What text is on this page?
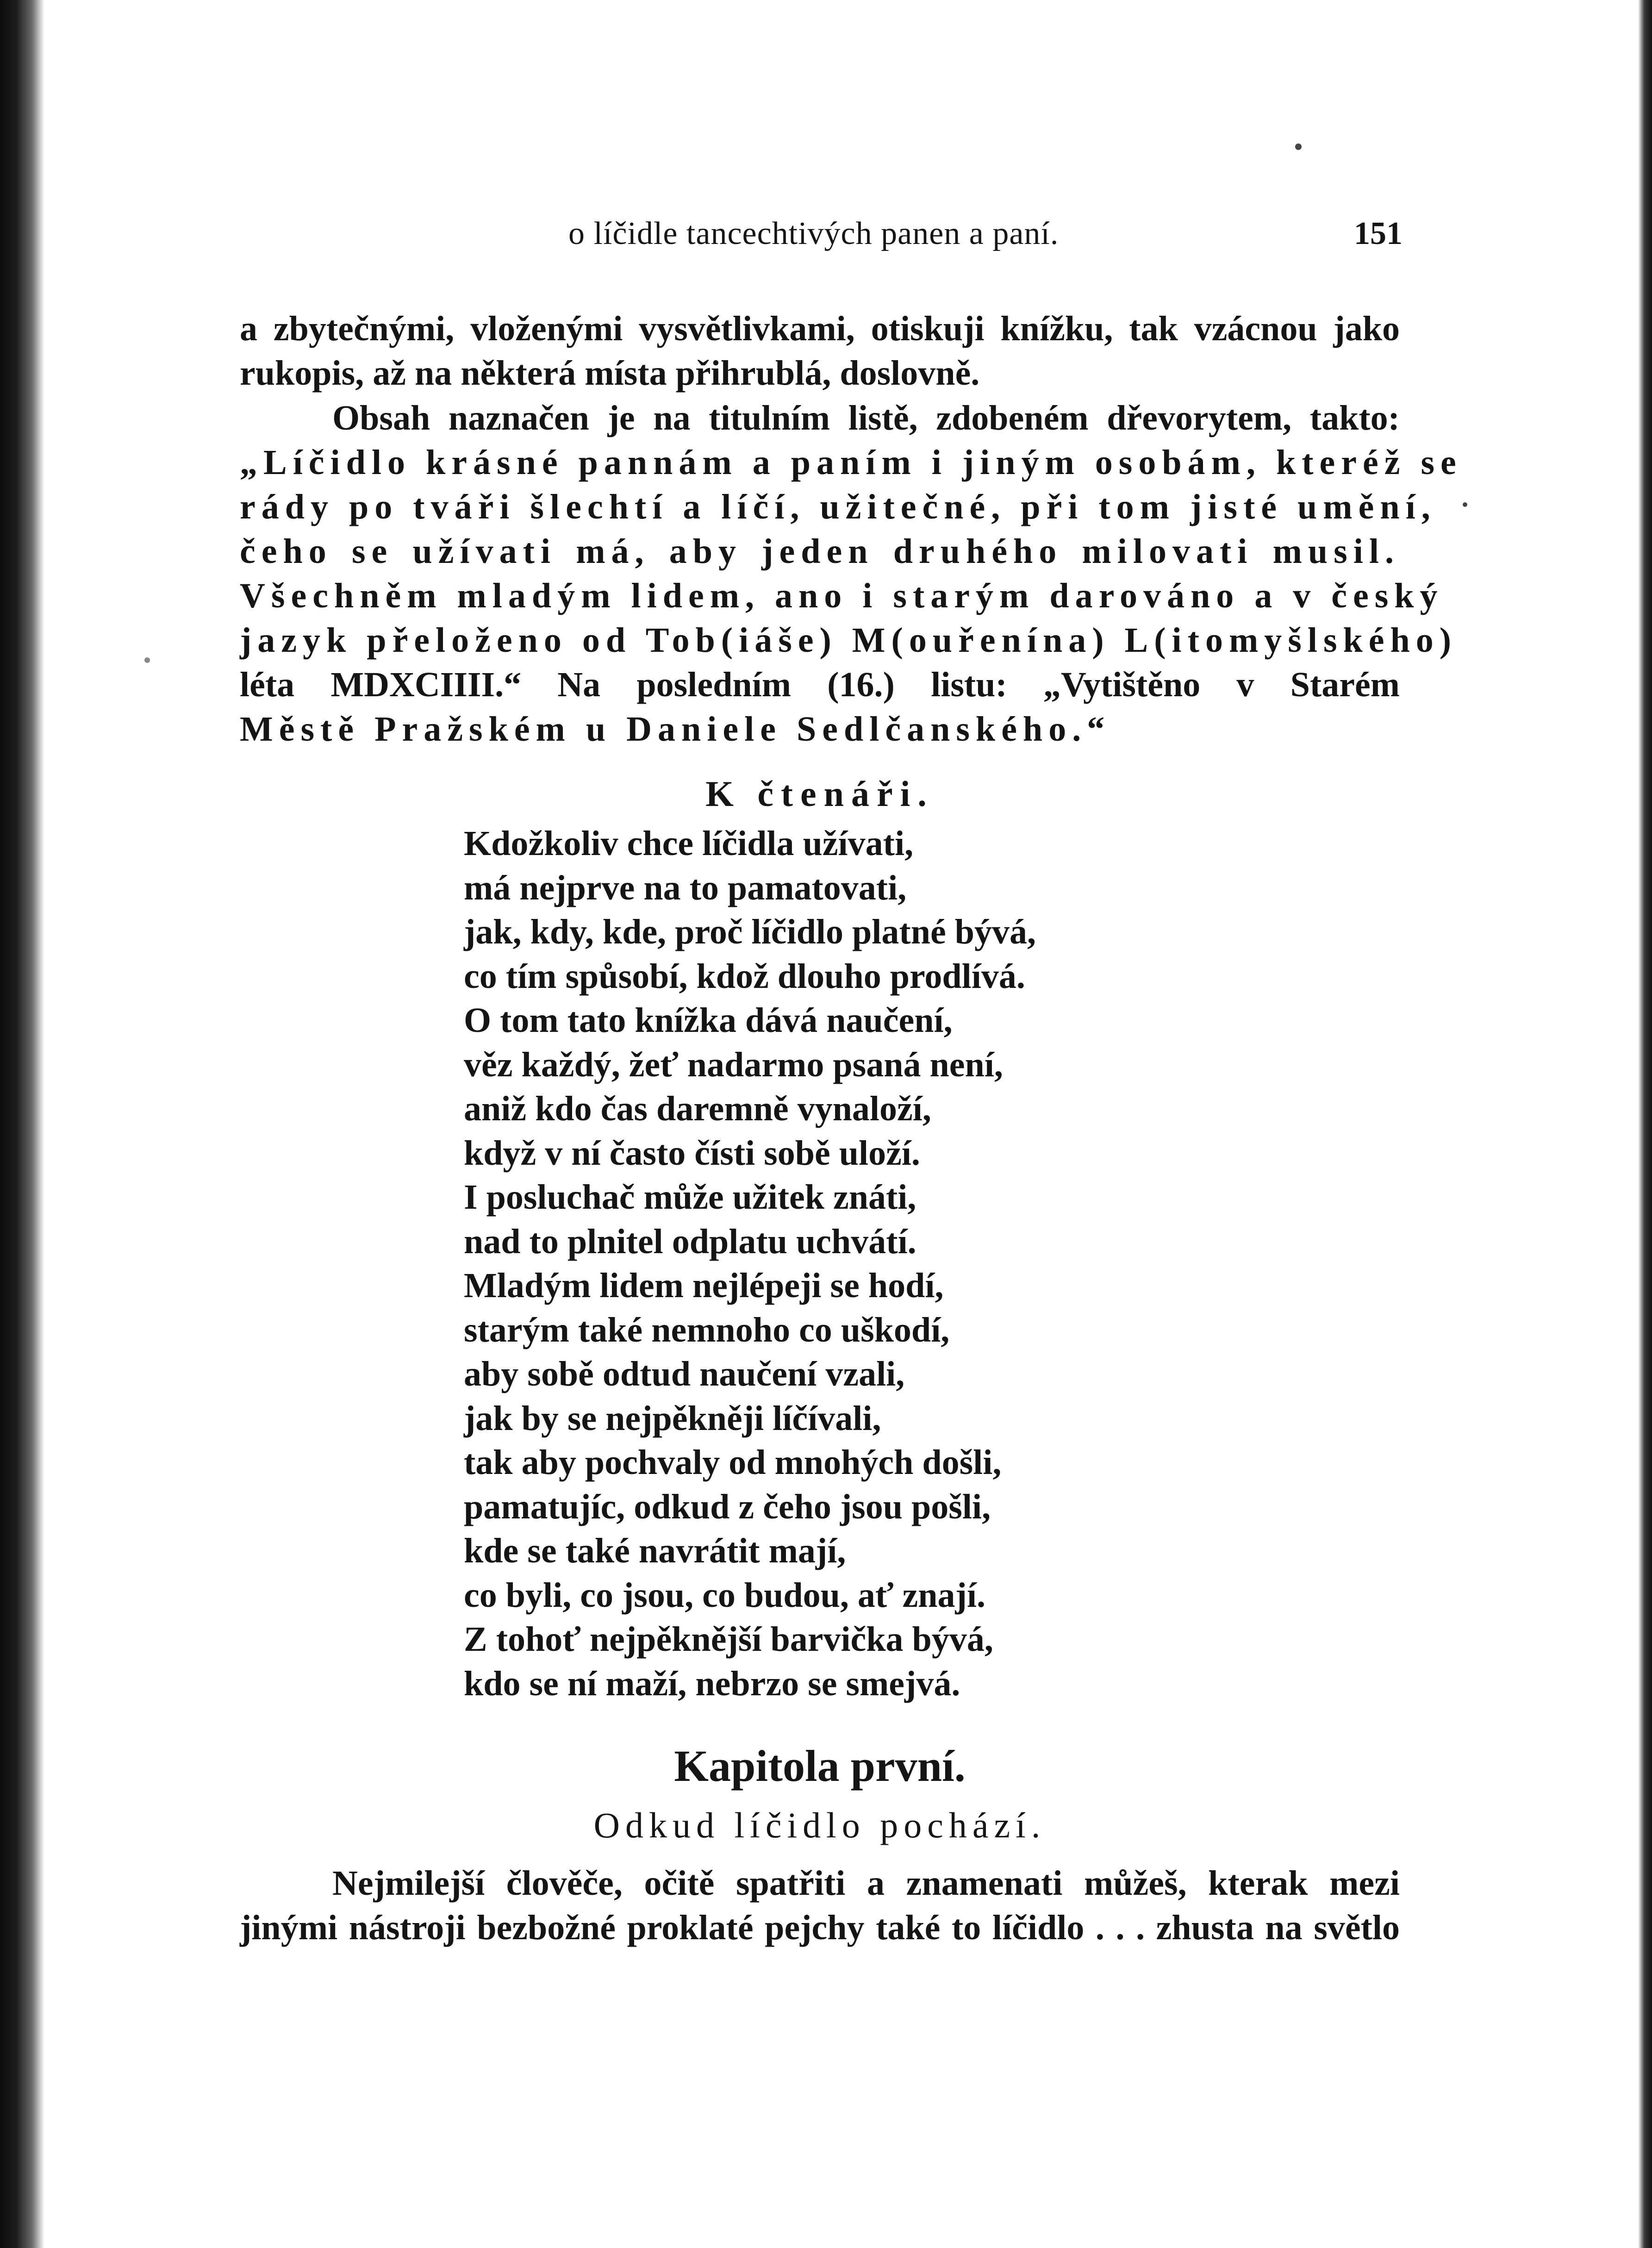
o líčidle tancechtivých panen a paní.	151
a zbytečnými, vloženými vysvětlivkami, otiskuji knížku, tak vzácnou jako
rukopis, až na některá místa přihrublá, doslovně.
Obsah naznačen je na titulním listě, zdobeném dřevorytem, takto:
„Líčidlo krásné pannám a paním i jiným osobám, kteréž se
rády po tváři šlechtí a líčí, užitečné, při tom jisté umění,
čeho se užívati má, aby jeden druhého milovati musil.
Všechněm mladým lidem, ano i starým darováno a v český
jazyk přeloženo od Tob(iáše) M(ouřenína) L(itomyšlského)
léta MDXCIIII.“ Na posledním (16.) listu: „Vytištěno v Starém
Městě Pražském u Daniele Sedlčanského.“
K čtenáři.
Kdožkoliv chce líčidla užívati,
má nejprve na to pamatovati,
jak, kdy, kde, proč líčidlo platné bývá,
co tím spůsobí, kdož dlouho prodlívá.
O tom tato knížka dává naučení,
věz každý, žeť nadarmo psaná není,
aniž kdo čas daremně vynaloží,
když v ní často čísti sobě uloží.
I posluchač může užitek znáti,
nad to plnitel odplatu uchvátí.
Mladým lidem nejlépeji se hodí,
starým také nemnoho co uškodí,
aby sobě odtud naučení vzali,
jak by se nejpěkněji líčívali,
tak aby pochvaly od mnohých došli,
pamatujíc, odkud z čeho jsou pošli,
kde se také navrátit mají,
co byli, co jsou, co budou, ať znají.
Z tohoť nejpěknější barvička bývá,
kdo se ní maží, nebrzo se smejvá.
Kapitola první.
Odkud líčidlo pochází.
Nejmilejší člověče, očitě spatřiti a znamenati můžeš, kterak mezi
jinými nástroji bezbožné proklaté pejchy také to líčidlo . . . zhusta na světlo
